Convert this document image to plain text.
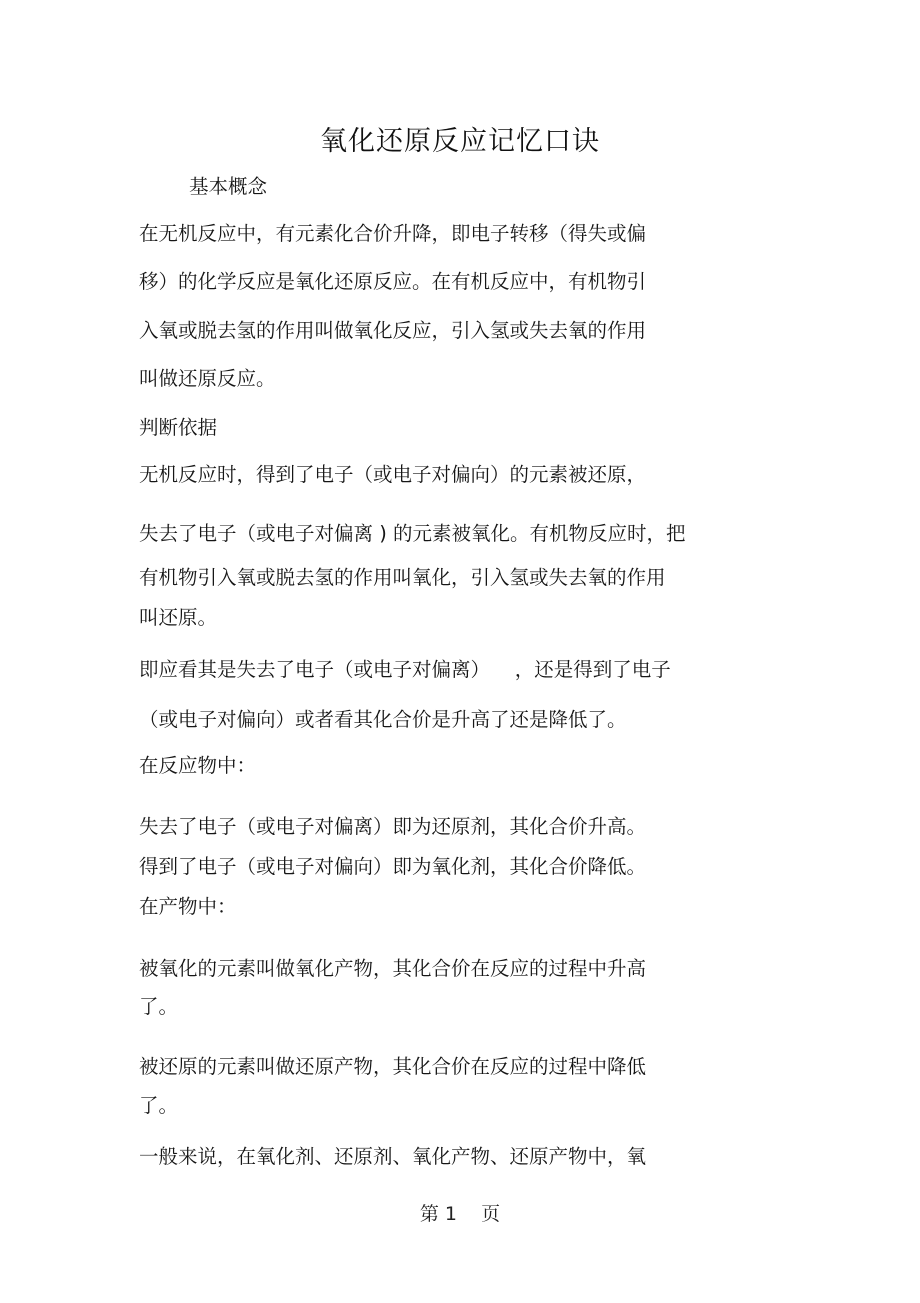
氧化还原反应记忆口诀
基本概念
在无机反应中，有元素化合价升降，即电子转移（得失或偏
移）的化学反应是氧化还原反应。在有机反应中，有机物引
入氧或脱去氢的作用叫做氧化反应，引入氢或失去氧的作用
叫做还原反应。
判断依据
无机反应时，得到了电子（或电子对偏向）的元素被还原，
失去了电子（或电子对偏离 ) 的元素被氧化。有机物反应时，把
有机物引入氧或脱去氢的作用叫氧化，引入氢或失去氧的作用
叫还原。
即应看其是失去了电子（或电子对偏离）    ，还是得到了电子
（或电子对偏向）或者看其化合价是升高了还是降低了。
在反应物中：
失去了电子（或电子对偏离）即为还原剂，其化合价升高。
得到了电子（或电子对偏向）即为氧化剂，其化合价降低。
在产物中：
被氧化的元素叫做氧化产物，其化合价在反应的过程中升高
了。
被还原的元素叫做还原产物，其化合价在反应的过程中降低
了。
一般来说，在氧化剂、还原剂、氧化产物、还原产物中，氧
第 1    页
